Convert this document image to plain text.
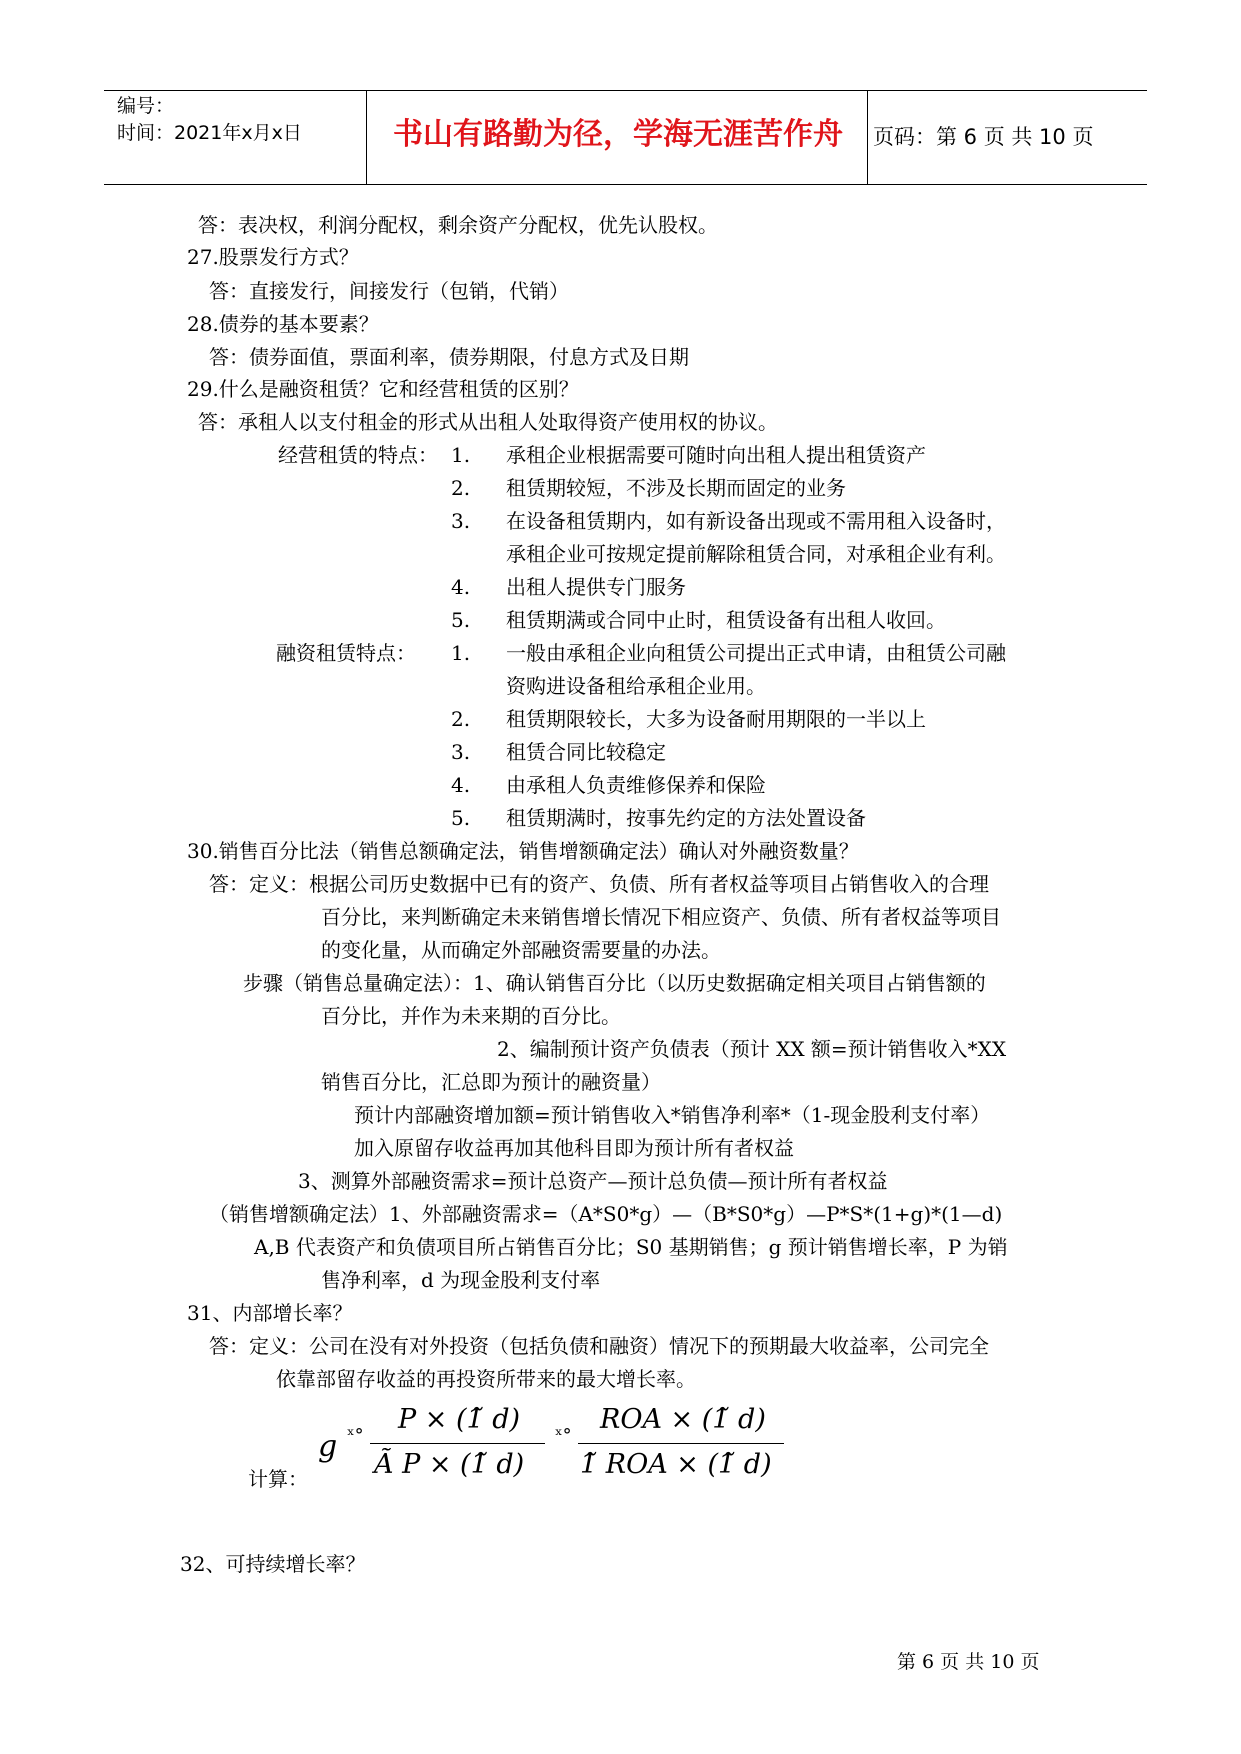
编号：
时间：2021年x月x日	书山有路勤为径，学海无涯苦作舟	页码：第 6 页 共 10 页
答：表决权，利润分配权，剩余资产分配权，优先认股权。
27.股票发行方式？
答：直接发行，间接发行（包销，代销）
28.债券的基本要素？
答：债券面值，票面利率，债券期限，付息方式及日期
29.什么是融资租赁？它和经营租赁的区别？
答：承租人以支付租金的形式从出租人处取得资产使用权的协议。
经营租赁的特点： 1. 承租企业根据需要可随时向出租人提出租赁资产
2. 租赁期较短，不涉及长期而固定的业务
3. 在设备租赁期内，如有新设备出现或不需用租入设备时，
承租企业可按规定提前解除租赁合同，对承租企业有利。
4. 出租人提供专门服务
5. 租赁期满或合同中止时，租赁设备有出租人收回。
融资租赁特点： 1. 一般由承租企业向租赁公司提出正式申请，由租赁公司融
资购进设备租给承租企业用。
2. 租赁期限较长，大多为设备耐用期限的一半以上
3. 租赁合同比较稳定
4. 由承租人负责维修保养和保险
5. 租赁期满时，按事先约定的方法处置设备
30.销售百分比法（销售总额确定法，销售增额确定法）确认对外融资数量？
答：定义：根据公司历史数据中已有的资产、负债、所有者权益等项目占销售收入的合理
百分比，来判断确定未来销售增长情况下相应资产、负债、所有者权益等项目
的变化量，从而确定外部融资需要量的办法。
步骤（销售总量确定法）：1、确认销售百分比（以历史数据确定相关项目占销售额的
百分比，并作为未来期的百分比。
2、编制预计资产负债表（预计 XX 额=预计销售收入*XX
销售百分比，汇总即为预计的融资量）
预计内部融资增加额=预计销售收入*销售净利率*（1-现金股利支付率）
加入原留存收益再加其他科目即为预计所有者权益
3、测算外部融资需求=预计总资产—预计总负债—预计所有者权益
（销售增额确定法）1、外部融资需求=（A*S0*g）—（B*S0*g）—P*S*(1+g)*(1—d)
A,B 代表资产和负债项目所占销售百分比；S0 基期销售；g 预计销售增长率，P 为销
售净利率，d 为现金股利支付率
31、内部增长率？
答：定义：公司在没有对外投资（包括负债和融资）情况下的预期最大收益率，公司完全
依靠部留存收益的再投资所带来的最大增长率。
计算：
g ˣ°
P × (1̃ d)
Ã P × (1̃ d)
ˣ°
ROA × (1̃ d)
1̃ ROA × (1̃ d)
32、可持续增长率？
第 6 页 共 10 页
